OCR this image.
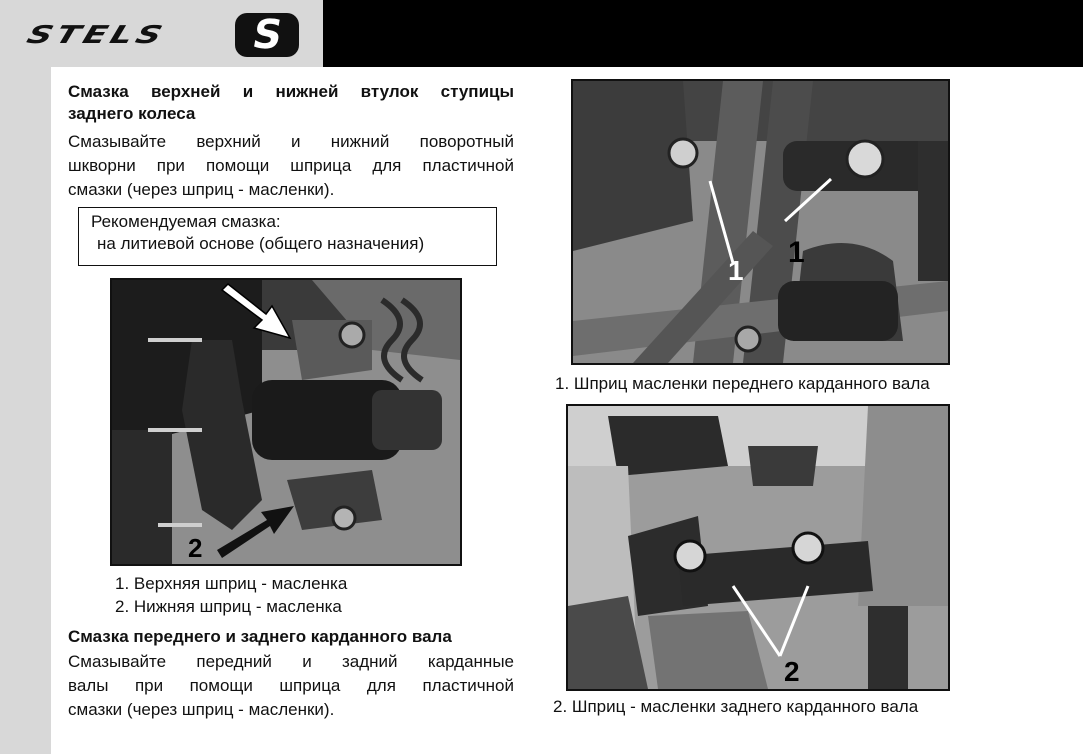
STELS S
Смазка верхней и нижней втулок ступицы
заднего колеса
Смазывайте верхний и нижний поворотный
шкворни при помощи шприца для пластичной
смазки (через шприц - масленки).
Рекомендуемая смазка:
на литиевой основе (общего назначения)
2
1. Верхняя шприц - масленка
2. Нижняя шприц - масленка
Смазка переднего и заднего карданного вала
Смазывайте передний и задний карданные
валы при помощи шприца для пластичной
смазки (через шприц - масленки).
1
1
1. Шприц масленки переднего карданного вала
2
2. Шприц - масленки заднего карданного вала
